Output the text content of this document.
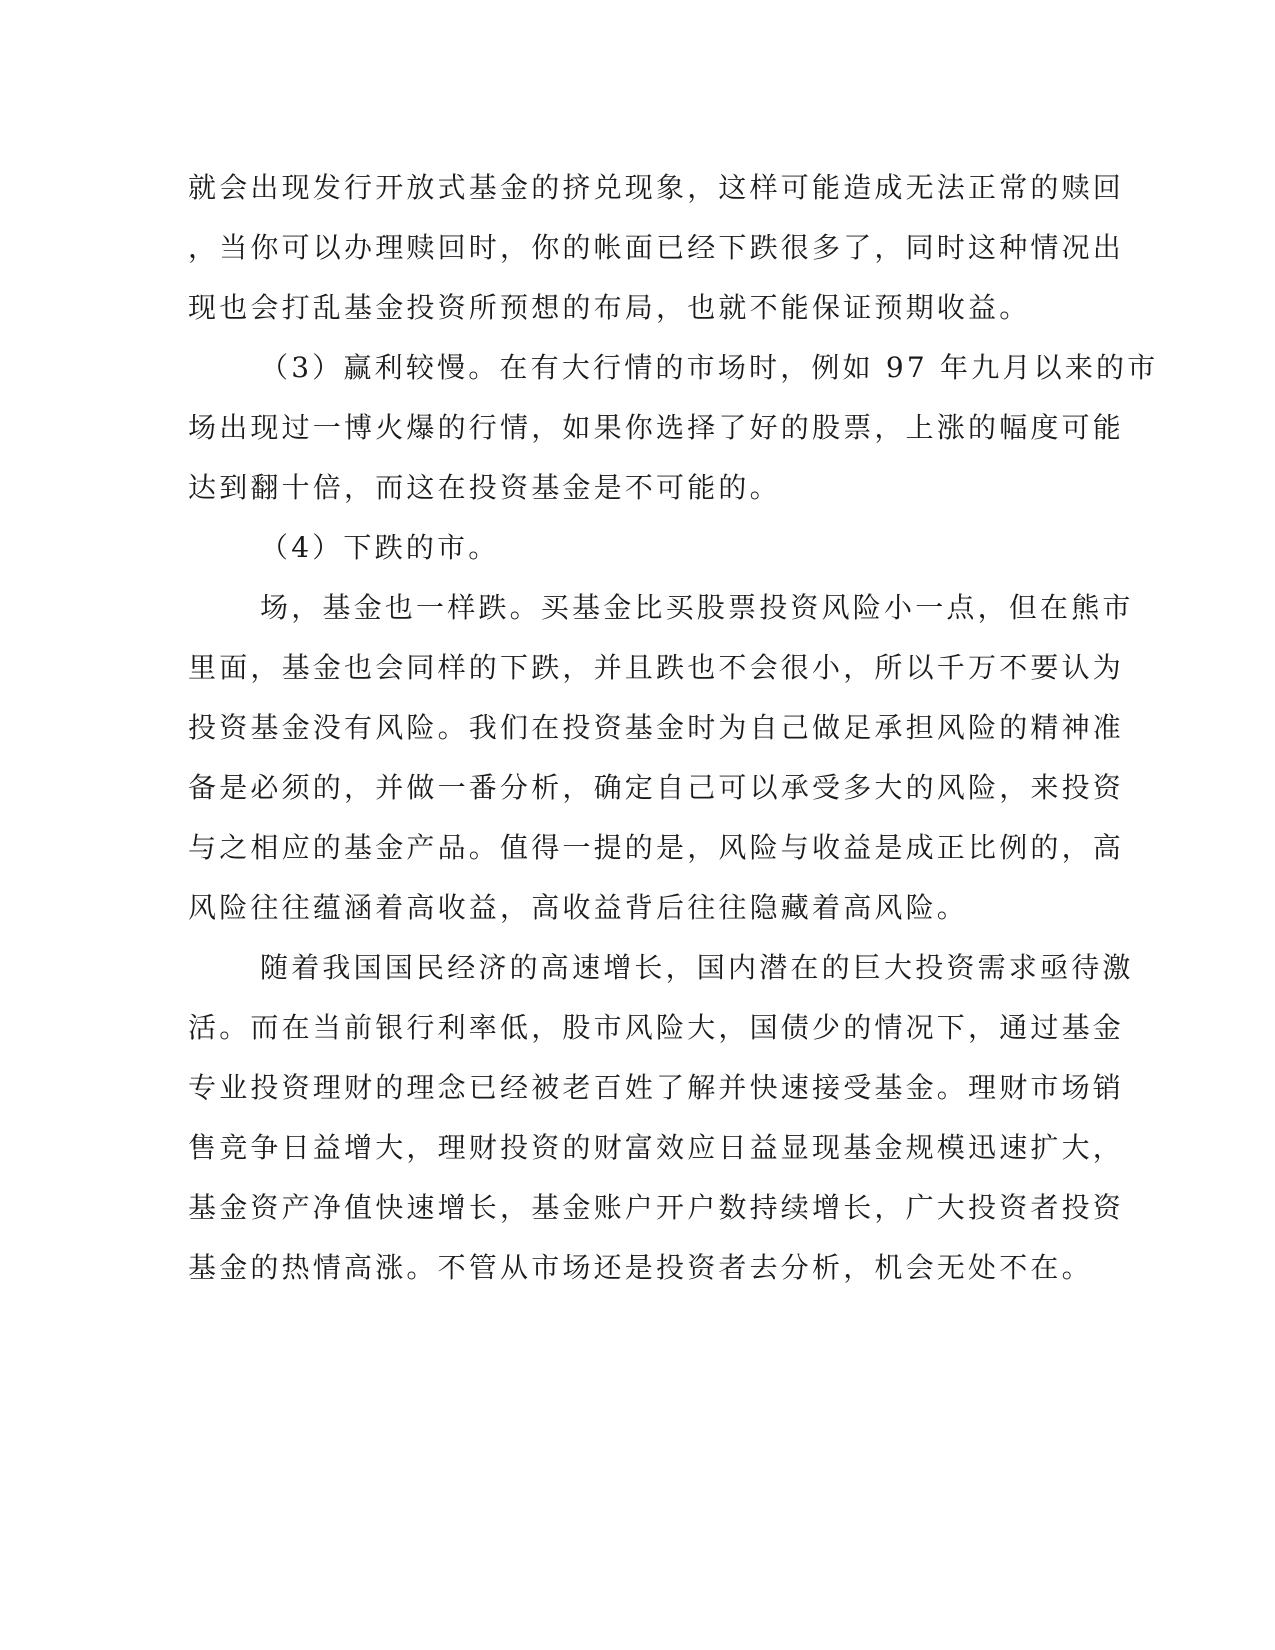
就会出现发行开放式基金的挤兑现象，这样可能造成无法正常的赎回
，当你可以办理赎回时，你的帐面已经下跌很多了，同时这种情况出
现也会打乱基金投资所预想的布局，也就不能保证预期收益。
（3）赢利较慢。在有大行情的市场时，例如 97 年九月以来的市
场出现过一博火爆的行情，如果你选择了好的股票，上涨的幅度可能
达到翻十倍，而这在投资基金是不可能的。
（4）下跌的市。
场，基金也一样跌。买基金比买股票投资风险小一点，但在熊市
里面，基金也会同样的下跌，并且跌也不会很小，所以千万不要认为
投资基金没有风险。我们在投资基金时为自己做足承担风险的精神准
备是必须的，并做一番分析，确定自己可以承受多大的风险，来投资
与之相应的基金产品。值得一提的是，风险与收益是成正比例的，高
风险往往蕴涵着高收益，高收益背后往往隐藏着高风险。
随着我国国民经济的高速增长，国内潜在的巨大投资需求亟待激
活。而在当前银行利率低，股市风险大，国债少的情况下，通过基金
专业投资理财的理念已经被老百姓了解并快速接受基金。理财市场销
售竞争日益增大，理财投资的财富效应日益显现基金规模迅速扩大，
基金资产净值快速增长，基金账户开户数持续增长，广大投资者投资
基金的热情高涨。不管从市场还是投资者去分析，机会无处不在。
